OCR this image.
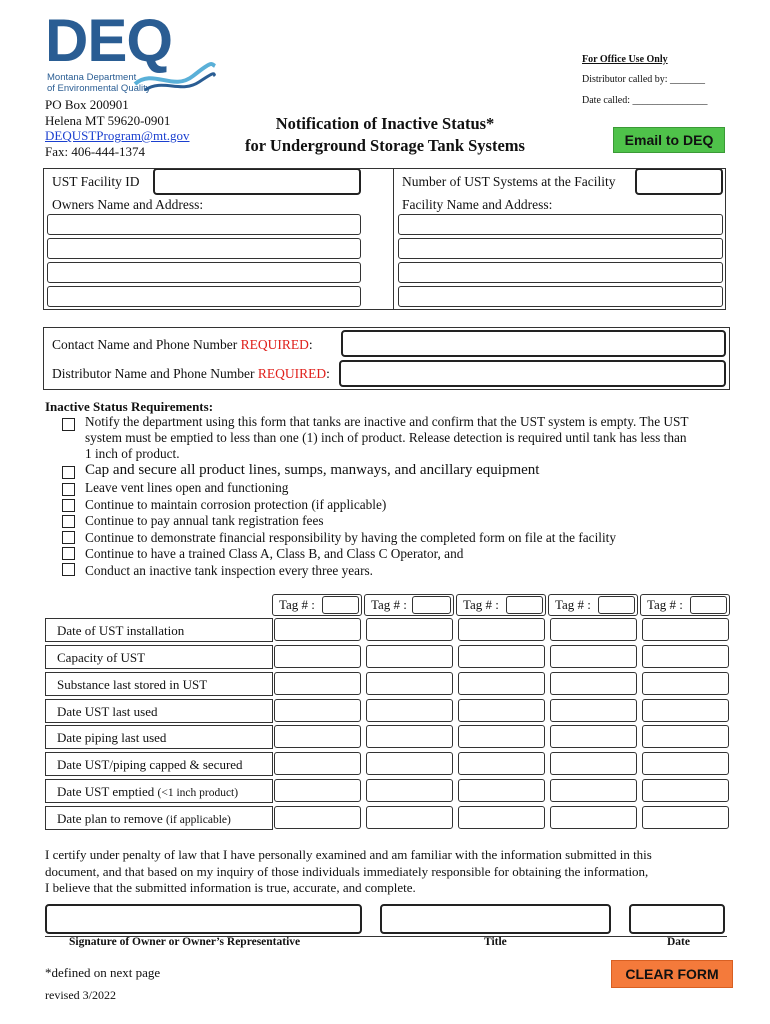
DEQ
Montana Department
of Environmental Quality
For Office Use Only
Distributor called by: _______
Date called: _______________
PO Box 200901
Helena MT 59620-0901
DEQUSTProgram@mt.gov
Fax: 406-444-1374
Notification of Inactive Status*
for Underground Storage Tank Systems	Email to DEQ
UST Facility ID
Owners Name and Address:
Number of UST Systems at the Facility
Facility Name and Address:
Contact Name and Phone Number REQUIRED:
Distributor Name and Phone Number REQUIRED:
Inactive Status Requirements:
Notify the department using this form that tanks are inactive and confirm that the UST system is empty. The UST
system must be emptied to less than one (1) inch of product. Release detection is required until tank has less than
1 inch of product.
Cap and secure all product lines, sumps, manways, and ancillary equipment
Leave vent lines open and functioning
Continue to maintain corrosion protection (if applicable)
Continue to pay annual tank registration fees
Continue to demonstrate financial responsibility by having the completed form on file at the facility
Continue to have a trained Class A, Class B, and Class C Operator, and
Conduct an inactive tank inspection every three years.
Tag # :	Tag # :	Tag # :	Tag # :	Tag # :
Date of UST installation
Capacity of UST
Substance last stored in UST
Date UST last used
Date piping last used
Date UST/piping capped & secured
Date UST emptied (<1 inch product)
Date plan to remove (if applicable)
I certify under penalty of law that I have personally examined and am familiar with the information submitted in this
document, and that based on my inquiry of those individuals immediately responsible for obtaining the information,
I believe that the submitted information is true, accurate, and complete.
Signature of Owner or Owner’s Representative	Title	Date
*defined on next page
revised 3/2022
CLEAR FORM
